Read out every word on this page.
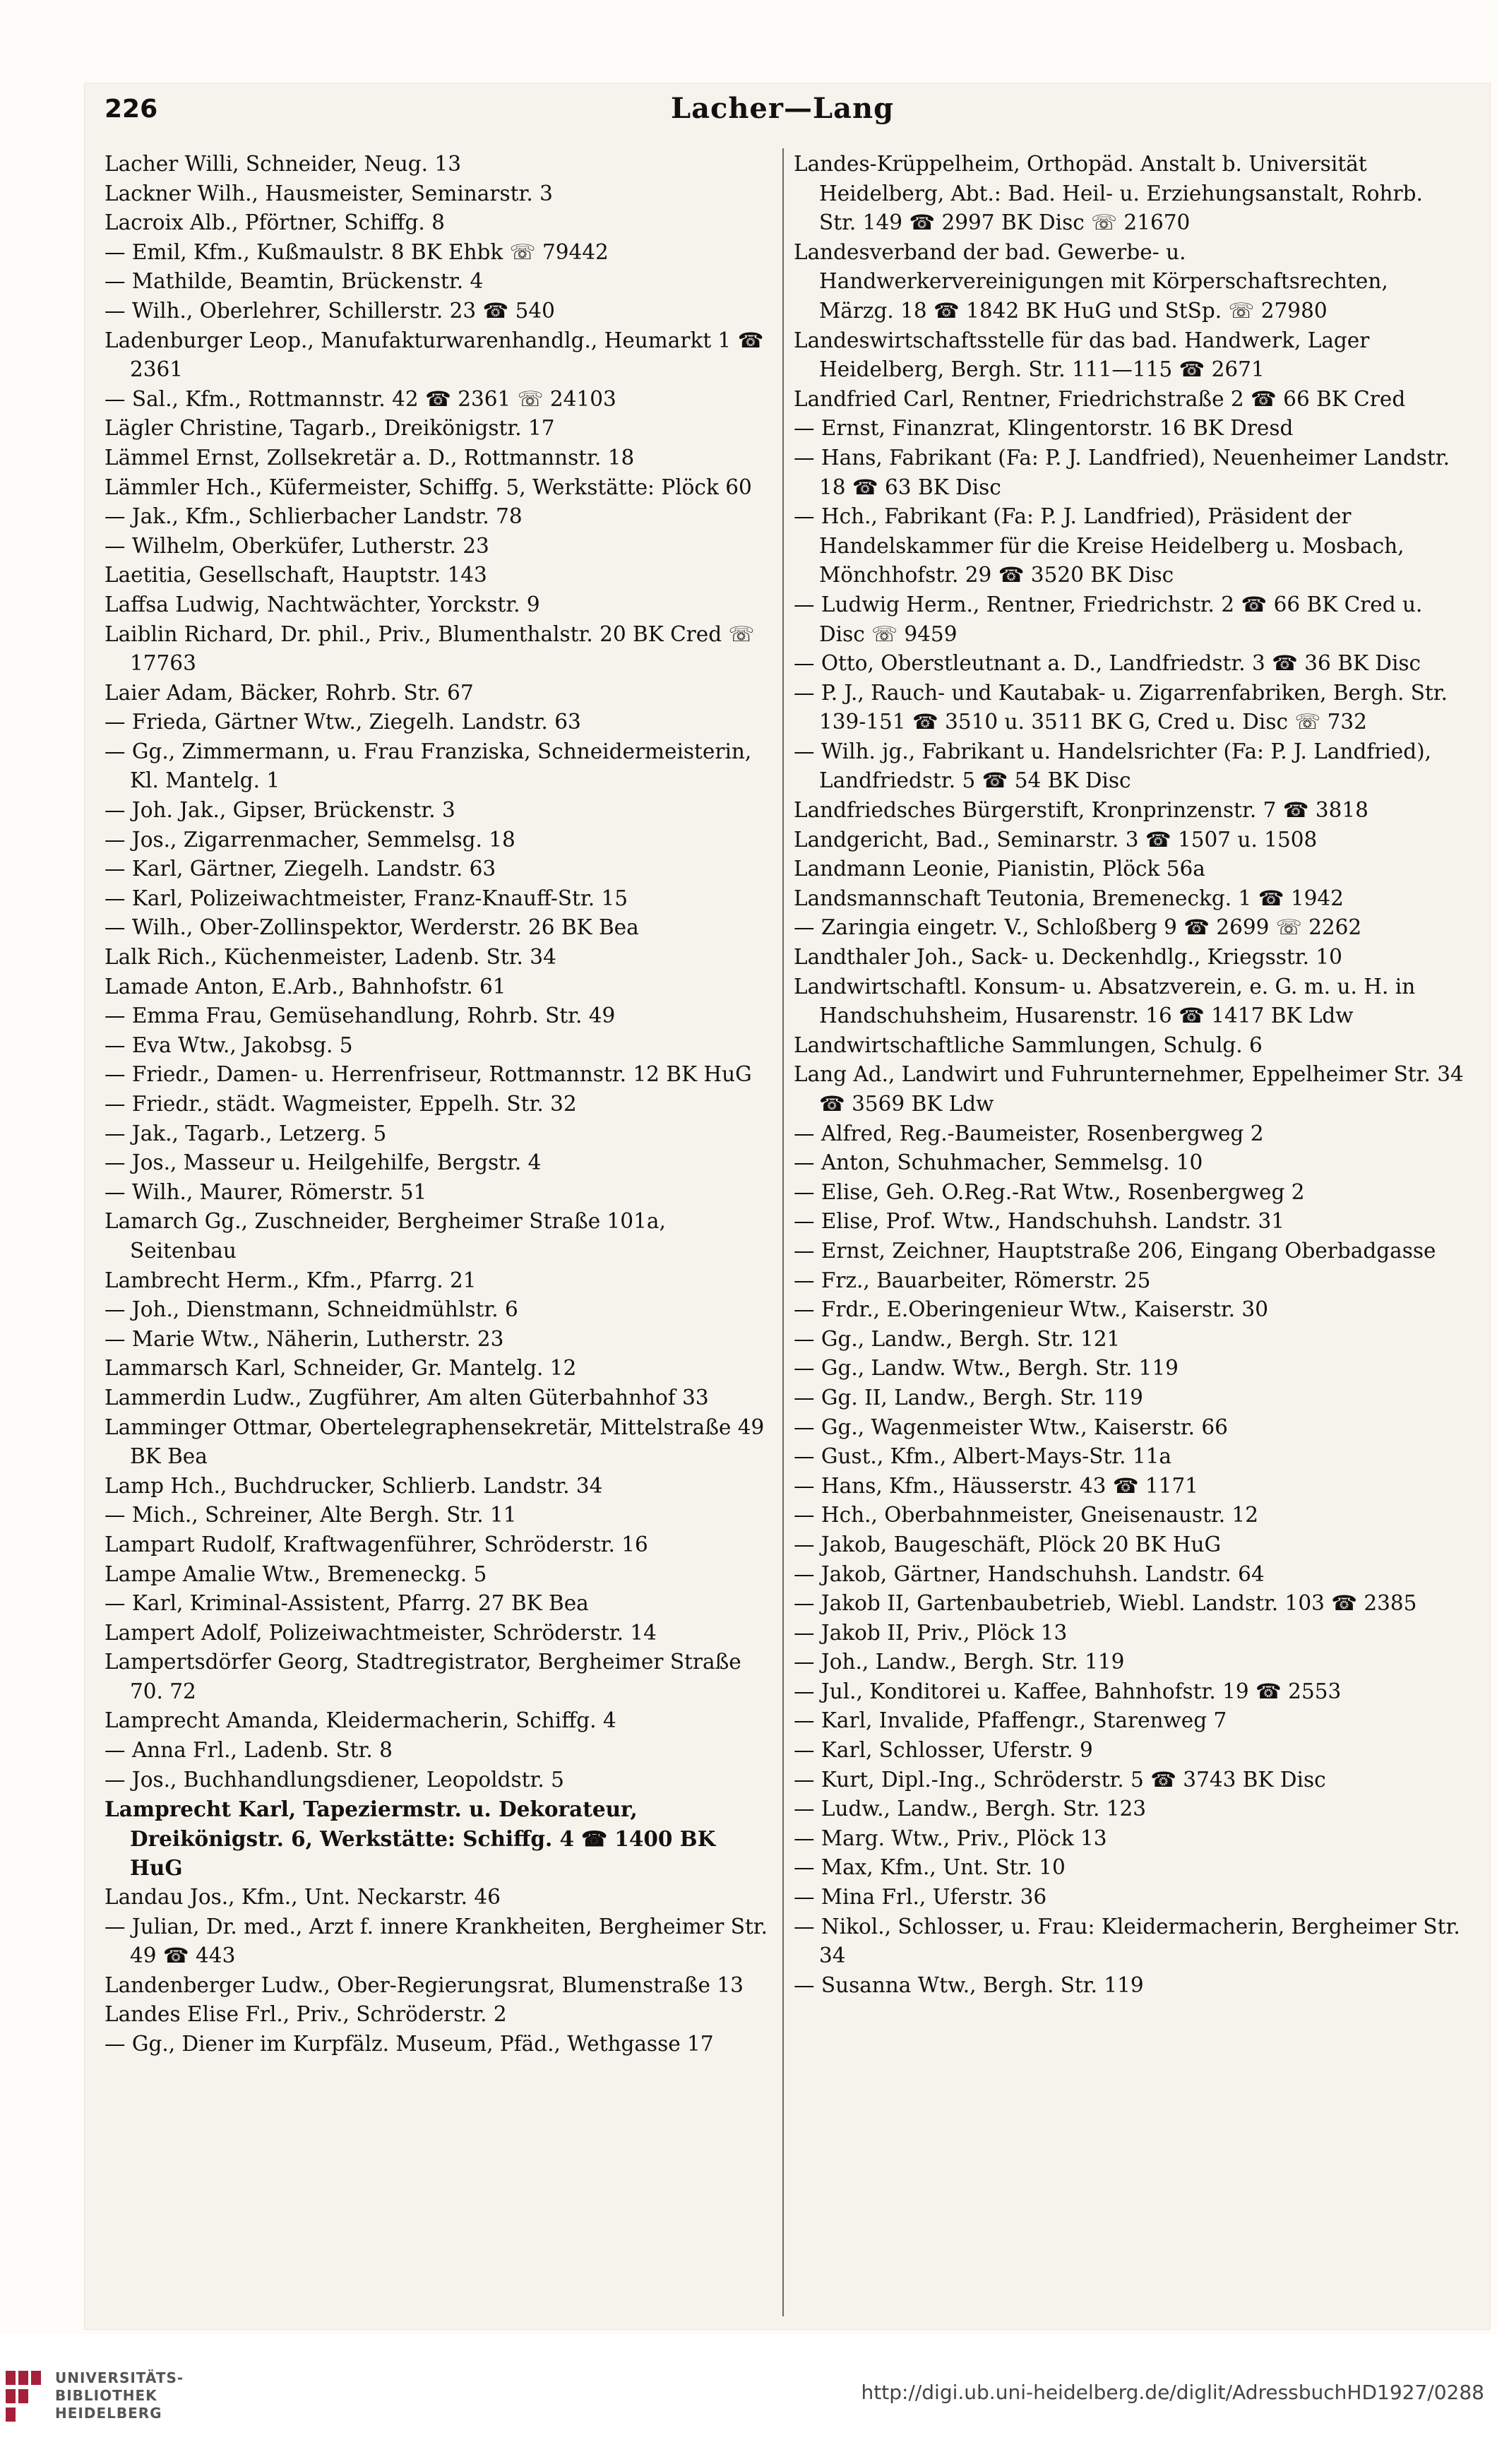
226	Lacher—Lang

Lacher Willi, Schneider, Neug. 13

Lackner Wilh., Hausmeister, Seminarstr. 3

Lacroix Alb., Pförtner, Schiffg. 8

— Emil, Kfm., Kußmaulstr. 8 BK Ehbk ☏ 79442

— Mathilde, Beamtin, Brückenstr. 4

— Wilh., Oberlehrer, Schillerstr. 23 ☎ 540

Ladenburger Leop., Manufakturwarenhandlg., Heumarkt 1 ☎ 2361

— Sal., Kfm., Rottmannstr. 42 ☎ 2361 ☏ 24103

Lägler Christine, Tagarb., Dreikönigstr. 17

Lämmel Ernst, Zollsekretär a. D., Rottmannstr. 18

Lämmler Hch., Küfermeister, Schiffg. 5, Werkstätte: Plöck 60

— Jak., Kfm., Schlierbacher Landstr. 78

— Wilhelm, Oberküfer, Lutherstr. 23

Laetitia, Gesellschaft, Hauptstr. 143

Laffsa Ludwig, Nachtwächter, Yorckstr. 9

Laiblin Richard, Dr. phil., Priv., Blumenthalstr. 20 BK Cred ☏ 17763

Laier Adam, Bäcker, Rohrb. Str. 67

— Frieda, Gärtner Wtw., Ziegelh. Landstr. 63

— Gg., Zimmermann, u. Frau Franziska, Schneidermeisterin, Kl. Mantelg. 1

— Joh. Jak., Gipser, Brückenstr. 3

— Jos., Zigarrenmacher, Semmelsg. 18

— Karl, Gärtner, Ziegelh. Landstr. 63

— Karl, Polizeiwachtmeister, Franz-Knauff-Str. 15

— Wilh., Ober-Zollinspektor, Werderstr. 26 BK Bea

Lalk Rich., Küchenmeister, Ladenb. Str. 34

Lamade Anton, E.Arb., Bahnhofstr. 61

— Emma Frau, Gemüsehandlung, Rohrb. Str. 49

— Eva Wtw., Jakobsg. 5

— Friedr., Damen- u. Herrenfriseur, Rottmannstr. 12 BK HuG

— Friedr., städt. Wagmeister, Eppelh. Str. 32

— Jak., Tagarb., Letzerg. 5

— Jos., Masseur u. Heilgehilfe, Bergstr. 4

— Wilh., Maurer, Römerstr. 51

Lamarch Gg., Zuschneider, Bergheimer Straße 101a, Seitenbau

Lambrecht Herm., Kfm., Pfarrg. 21

— Joh., Dienstmann, Schneidmühlstr. 6

— Marie Wtw., Näherin, Lutherstr. 23

Lammarsch Karl, Schneider, Gr. Mantelg. 12

Lammerdin Ludw., Zugführer, Am alten Güterbahnhof 33

Lamminger Ottmar, Obertelegraphensekretär, Mittelstraße 49 BK Bea

Lamp Hch., Buchdrucker, Schlierb. Landstr. 34

— Mich., Schreiner, Alte Bergh. Str. 11

Lampart Rudolf, Kraftwagenführer, Schröderstr. 16

Lampe Amalie Wtw., Bremeneckg. 5

— Karl, Kriminal-Assistent, Pfarrg. 27 BK Bea

Lampert Adolf, Polizeiwachtmeister, Schröderstr. 14

Lampertsdörfer Georg, Stadtregistrator, Bergheimer Straße 70. 72

Lamprecht Amanda, Kleidermacherin, Schiffg. 4

— Anna Frl., Ladenb. Str. 8

— Jos., Buchhandlungsdiener, Leopoldstr. 5

Lamprecht Karl, Tapeziermstr. u. Dekorateur, Dreikönigstr. 6, Werkstätte: Schiffg. 4 ☎ 1400 BK HuG

Landau Jos., Kfm., Unt. Neckarstr. 46

— Julian, Dr. med., Arzt f. innere Krankheiten, Bergheimer Str. 49 ☎ 443

Landenberger Ludw., Ober-Regierungsrat, Blumenstraße 13

Landes Elise Frl., Priv., Schröderstr. 2

— Gg., Diener im Kurpfälz. Museum, Pfäd., Wethgasse 17

Landes-Krüppelheim, Orthopäd. Anstalt b. Universität Heidelberg, Abt.: Bad. Heil- u. Erziehungsanstalt, Rohrb. Str. 149 ☎ 2997 BK Disc ☏ 21670

Landesverband der bad. Gewerbe- u. Handwerkervereinigungen mit Körperschaftsrechten, Märzg. 18 ☎ 1842 BK HuG und StSp. ☏ 27980

Landeswirtschaftsstelle für das bad. Handwerk, Lager Heidelberg, Bergh. Str. 111—115 ☎ 2671

Landfried Carl, Rentner, Friedrichstraße 2 ☎ 66 BK Cred

— Ernst, Finanzrat, Klingentorstr. 16 BK Dresd

— Hans, Fabrikant (Fa: P. J. Landfried), Neuenheimer Landstr. 18 ☎ 63 BK Disc

— Hch., Fabrikant (Fa: P. J. Landfried), Präsident der Handelskammer für die Kreise Heidelberg u. Mosbach, Mönchhofstr. 29 ☎ 3520 BK Disc

— Ludwig Herm., Rentner, Friedrichstr. 2 ☎ 66 BK Cred u. Disc ☏ 9459

— Otto, Oberstleutnant a. D., Landfriedstr. 3 ☎ 36 BK Disc

— P. J., Rauch- und Kautabak- u. Zigarrenfabriken, Bergh. Str. 139-151 ☎ 3510 u. 3511 BK G, Cred u. Disc ☏ 732

— Wilh. jg., Fabrikant u. Handelsrichter (Fa: P. J. Landfried), Landfriedstr. 5 ☎ 54 BK Disc

Landfriedsches Bürgerstift, Kronprinzenstr. 7 ☎ 3818

Landgericht, Bad., Seminarstr. 3 ☎ 1507 u. 1508

Landmann Leonie, Pianistin, Plöck 56a

Landsmannschaft Teutonia, Bremeneckg. 1 ☎ 1942

— Zaringia eingetr. V., Schloßberg 9 ☎ 2699 ☏ 2262

Landthaler Joh., Sack- u. Deckenhdlg., Kriegsstr. 10

Landwirtschaftl. Konsum- u. Absatzverein, e. G. m. u. H. in Handschuhsheim, Husarenstr. 16 ☎ 1417 BK Ldw

Landwirtschaftliche Sammlungen, Schulg. 6

Lang Ad., Landwirt und Fuhrunternehmer, Eppelheimer Str. 34 ☎ 3569 BK Ldw

— Alfred, Reg.-Baumeister, Rosenbergweg 2

— Anton, Schuhmacher, Semmelsg. 10

— Elise, Geh. O.Reg.-Rat Wtw., Rosenbergweg 2

— Elise, Prof. Wtw., Handschuhsh. Landstr. 31

— Ernst, Zeichner, Hauptstraße 206, Eingang Oberbadgasse

— Frz., Bauarbeiter, Römerstr. 25

— Frdr., E.Oberingenieur Wtw., Kaiserstr. 30

— Gg., Landw., Bergh. Str. 121

— Gg., Landw. Wtw., Bergh. Str. 119

— Gg. II, Landw., Bergh. Str. 119

— Gg., Wagenmeister Wtw., Kaiserstr. 66

— Gust., Kfm., Albert-Mays-Str. 11a

— Hans, Kfm., Häusserstr. 43 ☎ 1171

— Hch., Oberbahnmeister, Gneisenaustr. 12

— Jakob, Baugeschäft, Plöck 20 BK HuG

— Jakob, Gärtner, Handschuhsh. Landstr. 64

— Jakob II, Gartenbaubetrieb, Wiebl. Landstr. 103 ☎ 2385

— Jakob II, Priv., Plöck 13

— Joh., Landw., Bergh. Str. 119

— Jul., Konditorei u. Kaffee, Bahnhofstr. 19 ☎ 2553

— Karl, Invalide, Pfaffengr., Starenweg 7

— Karl, Schlosser, Uferstr. 9

— Kurt, Dipl.-Ing., Schröderstr. 5 ☎ 3743 BK Disc

— Ludw., Landw., Bergh. Str. 123

— Marg. Wtw., Priv., Plöck 13

— Max, Kfm., Unt. Str. 10

— Mina Frl., Uferstr. 36

— Nikol., Schlosser, u. Frau: Kleidermacherin, Bergheimer Str. 34

— Susanna Wtw., Bergh. Str. 119

UNIVERSITÄTS-
BIBLIOTHEK
HEIDELBERG
http://digi.ub.uni-heidelberg.de/diglit/AdressbuchHD1927/0288
